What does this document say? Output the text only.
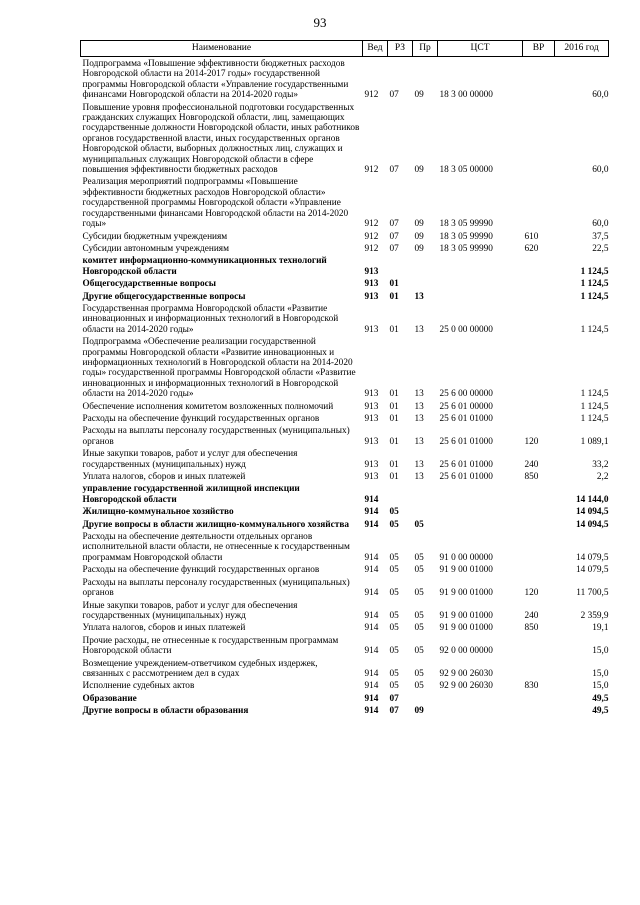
93
Наименование	Вед	РЗ	Пр	ЦСТ	ВР	2016 год
Подпрограмма «Повышение эффективности бюджетных расходов Новгородской области на 2014-2017 годы» государственной программы Новгородской области «Управление государственными финансами Новгородской области на 2014-2020 годы»	912	07	09	18 3 00 00000		60,0
Повышение уровня профессиональной подготовки государственных гражданских служащих Новгородской области, лиц, замещающих государственные должности Новгородской области, иных работников органов государственной власти, иных государственных органов Новгородской области, выборных должностных лиц, служащих и муниципальных служащих Новгородской области в сфере повышения эффективности бюджетных расходов	912	07	09	18 3 05 00000		60,0
Реализация мероприятий подпрограммы «Повышение эффективности бюджетных расходов Новгородской области» государственной программы Новгородской области «Управление государственными финансами Новгородской области на 2014-2020 годы»	912	07	09	18 3 05 99990		60,0
Субсидии бюджетным учреждениям	912	07	09	18 3 05 99990	610	37,5
Субсидии автономным учреждениям	912	07	09	18 3 05 99990	620	22,5
комитет информационно-коммуникационных технологий Новгородской области	913					1 124,5
Общегосударственные вопросы	913	01				1 124,5
Другие общегосударственные вопросы	913	01	13			1 124,5
Государственная программа Новгородской области «Развитие инновационных и информационных технологий в Новгородской области на 2014-2020 годы»	913	01	13	25 0 00 00000		1 124,5
Подпрограмма «Обеспечение реализации государственной программы Новгородской области «Развитие инновационных и информационных технологий в Новгородской области на 2014-2020 годы» государственной программы Новгородской области «Развитие инновационных и информационных технологий в Новгородской области на 2014-2020 годы»	913	01	13	25 6 00 00000		1 124,5
Обеспечение исполнения комитетом возложенных полномочий	913	01	13	25 6 01 00000		1 124,5
Расходы на обеспечение функций государственных органов	913	01	13	25 6 01 01000		1 124,5
Расходы на выплаты персоналу государственных (муниципальных) органов	913	01	13	25 6 01 01000	120	1 089,1
Иные закупки товаров, работ и услуг для обеспечения государственных (муниципальных) нужд	913	01	13	25 6 01 01000	240	33,2
Уплата налогов, сборов и иных платежей	913	01	13	25 6 01 01000	850	2,2
управление государственной жилищной инспекции Новгородской области	914					14 144,0
Жилищно-коммунальное хозяйство	914	05				14 094,5
Другие вопросы в области жилищно-коммунального хозяйства	914	05	05			14 094,5
Расходы на обеспечение деятельности отдельных органов исполнительной власти области, не отнесенные к государственным программам Новгородской области	914	05	05	91 0 00 00000		14 079,5
Расходы на обеспечение функций государственных органов	914	05	05	91 9 00 01000		14 079,5
Расходы на выплаты персоналу государственных (муниципальных) органов	914	05	05	91 9 00 01000	120	11 700,5
Иные закупки товаров, работ и услуг для обеспечения государственных (муниципальных) нужд	914	05	05	91 9 00 01000	240	2 359,9
Уплата налогов, сборов и иных платежей	914	05	05	91 9 00 01000	850	19,1
Прочие расходы, не отнесенные к государственным программам Новгородской области	914	05	05	92 0 00 00000		15,0
Возмещение учреждением-ответчиком судебных издержек, связанных с рассмотрением дел в судах	914	05	05	92 9 00 26030		15,0
Исполнение судебных актов	914	05	05	92 9 00 26030	830	15,0
Образование	914	07				49,5
Другие вопросы в области образования	914	07	09			49,5
